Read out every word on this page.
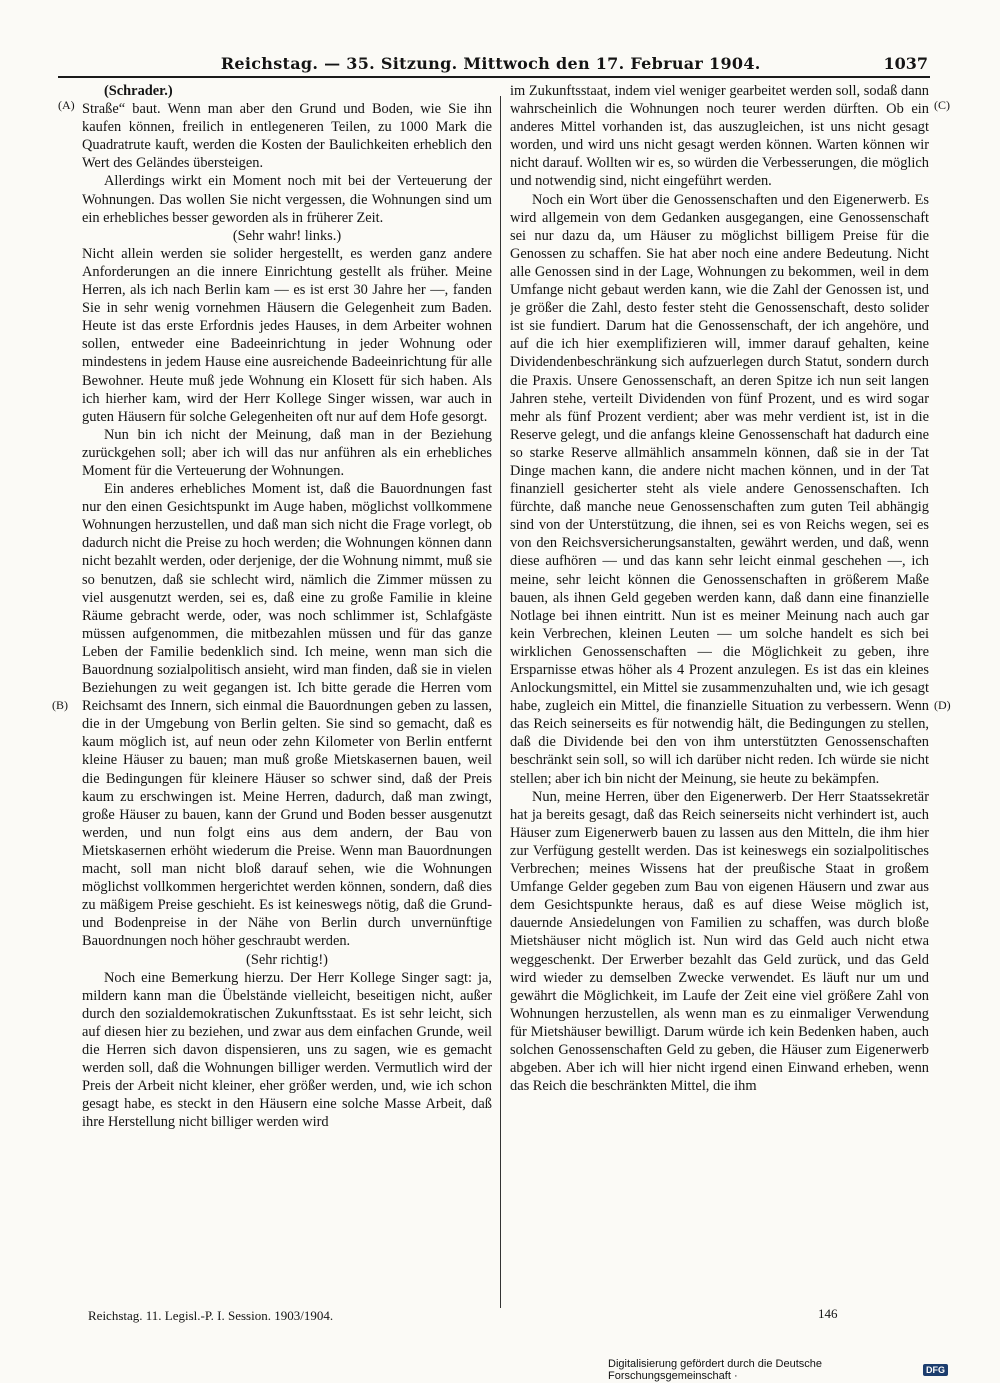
Reichstag. — 35. Sitzung. Mittwoch den 17. Februar 1904.	1037
(A)
(B)
(C)
(D)

(Schrader.)

Straße“ baut. Wenn man aber den Grund und Boden, wie Sie ihn kaufen können, freilich in entlegeneren Teilen, zu 1000 Mark die Quadratrute kauft, werden die Kosten der Baulichkeiten erheblich den Wert des Geländes übersteigen.

Allerdings wirkt ein Moment noch mit bei der Verteuerung der Wohnungen. Das wollen Sie nicht vergessen, die Wohnungen sind um ein erhebliches besser geworden als in früherer Zeit.

(Sehr wahr! links.)

Nicht allein werden sie solider hergestellt, es werden ganz andere Anforderungen an die innere Einrichtung gestellt als früher. Meine Herren, als ich nach Berlin kam — es ist erst 30 Jahre her —, fanden Sie in sehr wenig vornehmen Häusern die Gelegenheit zum Baden. Heute ist das erste Erfordnis jedes Hauses, in dem Arbeiter wohnen sollen, entweder eine Badeeinrichtung in jeder Wohnung oder mindestens in jedem Hause eine ausreichende Badeeinrichtung für alle Bewohner. Heute muß jede Wohnung ein Klosett für sich haben. Als ich hierher kam, wird der Herr Kollege Singer wissen, war auch in guten Häusern für solche Gelegenheiten oft nur auf dem Hofe gesorgt.

Nun bin ich nicht der Meinung, daß man in der Beziehung zurückgehen soll; aber ich will das nur anführen als ein erhebliches Moment für die Verteuerung der Wohnungen.

Ein anderes erhebliches Moment ist, daß die Bauordnungen fast nur den einen Gesichtspunkt im Auge haben, möglichst vollkommene Wohnungen herzustellen, und daß man sich nicht die Frage vorlegt, ob dadurch nicht die Preise zu hoch werden; die Wohnungen können dann nicht bezahlt werden, oder derjenige, der die Wohnung nimmt, muß sie so benutzen, daß sie schlecht wird, nämlich die Zimmer müssen zu viel ausgenutzt werden, sei es, daß eine zu große Familie in kleine Räume gebracht werde, oder, was noch schlimmer ist, Schlafgäste müssen aufgenommen, die mitbezahlen müssen und für das ganze Leben der Familie bedenklich sind. Ich meine, wenn man sich die Bauordnung sozialpolitisch ansieht, wird man finden, daß sie in vielen Beziehungen zu weit gegangen ist. Ich bitte gerade die Herren vom Reichsamt des Innern, sich einmal die Bauordnungen geben zu lassen, die in der Umgebung von Berlin gelten. Sie sind so gemacht, daß es kaum möglich ist, auf neun oder zehn Kilometer von Berlin entfernt kleine Häuser zu bauen; man muß große Mietskasernen bauen, weil die Bedingungen für kleinere Häuser so schwer sind, daß der Preis kaum zu erschwingen ist. Meine Herren, dadurch, daß man zwingt, große Häuser zu bauen, kann der Grund und Boden besser ausgenutzt werden, und nun folgt eins aus dem andern, der Bau von Mietskasernen erhöht wiederum die Preise. Wenn man Bauordnungen macht, soll man nicht bloß darauf sehen, wie die Wohnungen möglichst vollkommen hergerichtet werden können, sondern, daß dies zu mäßigem Preise geschieht. Es ist keineswegs nötig, daß die Grund- und Bodenpreise in der Nähe von Berlin durch unvernünftige Bauordnungen noch höher geschraubt werden.

(Sehr richtig!)

Noch eine Bemerkung hierzu. Der Herr Kollege Singer sagt: ja, mildern kann man die Übelstände vielleicht, beseitigen nicht, außer durch den sozialdemokratischen Zukunftsstaat. Es ist sehr leicht, sich auf diesen hier zu beziehen, und zwar aus dem einfachen Grunde, weil die Herren sich davon dispensieren, uns zu sagen, wie es gemacht werden soll, daß die Wohnungen billiger werden. Vermutlich wird der Preis der Arbeit nicht kleiner, eher größer werden, und, wie ich schon gesagt habe, es steckt in den Häusern eine solche Masse Arbeit, daß ihre Herstellung nicht billiger werden wird

im Zukunftsstaat, indem viel weniger gearbeitet werden soll, sodaß dann wahrscheinlich die Wohnungen noch teurer werden dürften. Ob ein anderes Mittel vorhanden ist, das auszugleichen, ist uns nicht gesagt worden, und wird uns nicht gesagt werden können. Warten können wir nicht darauf. Wollten wir es, so würden die Verbesserungen, die möglich und notwendig sind, nicht eingeführt werden.

Noch ein Wort über die Genossenschaften und den Eigenerwerb. Es wird allgemein von dem Gedanken ausgegangen, eine Genossenschaft sei nur dazu da, um Häuser zu möglichst billigem Preise für die Genossen zu schaffen. Sie hat aber noch eine andere Bedeutung. Nicht alle Genossen sind in der Lage, Wohnungen zu bekommen, weil in dem Umfange nicht gebaut werden kann, wie die Zahl der Genossen ist, und je größer die Zahl, desto fester steht die Genossenschaft, desto solider ist sie fundiert. Darum hat die Genossenschaft, der ich angehöre, und auf die ich hier exemplifizieren will, immer darauf gehalten, keine Dividendenbeschränkung sich aufzuerlegen durch Statut, sondern durch die Praxis. Unsere Genossenschaft, an deren Spitze ich nun seit langen Jahren stehe, verteilt Dividenden von fünf Prozent, und es wird sogar mehr als fünf Prozent verdient; aber was mehr verdient ist, ist in die Reserve gelegt, und die anfangs kleine Genossenschaft hat dadurch eine so starke Reserve allmählich ansammeln können, daß sie in der Tat Dinge machen kann, die andere nicht machen können, und in der Tat finanziell gesicherter steht als viele andere Genossenschaften. Ich fürchte, daß manche neue Genossenschaften zum guten Teil abhängig sind von der Unterstützung, die ihnen, sei es von Reichs wegen, sei es von den Reichsversicherungsanstalten, gewährt werden, und daß, wenn diese aufhören — und das kann sehr leicht einmal geschehen —, ich meine, sehr leicht können die Genossenschaften in größerem Maße bauen, als ihnen Geld gegeben werden kann, daß dann eine finanzielle Notlage bei ihnen eintritt. Nun ist es meiner Meinung nach auch gar kein Verbrechen, kleinen Leuten — um solche handelt es sich bei wirklichen Genossenschaften — die Möglichkeit zu geben, ihre Ersparnisse etwas höher als 4 Prozent anzulegen. Es ist das ein kleines Anlockungsmittel, ein Mittel sie zusammenzuhalten und, wie ich gesagt habe, zugleich ein Mittel, die finanzielle Situation zu verbessern. Wenn das Reich seinerseits es für notwendig hält, die Bedingungen zu stellen, daß die Dividende bei den von ihm unterstützten Genossenschaften beschränkt sein soll, so will ich darüber nicht reden. Ich würde sie nicht stellen; aber ich bin nicht der Meinung, sie heute zu bekämpfen.

Nun, meine Herren, über den Eigenerwerb. Der Herr Staatssekretär hat ja bereits gesagt, daß das Reich seinerseits nicht verhindert ist, auch Häuser zum Eigenerwerb bauen zu lassen aus den Mitteln, die ihm hier zur Verfügung gestellt werden. Das ist keineswegs ein sozialpolitisches Verbrechen; meines Wissens hat der preußische Staat in großem Umfange Gelder gegeben zum Bau von eigenen Häusern und zwar aus dem Gesichtspunkte heraus, daß es auf diese Weise möglich ist, dauernde Ansiedelungen von Familien zu schaffen, was durch bloße Mietshäuser nicht möglich ist. Nun wird das Geld auch nicht etwa weggeschenkt. Der Erwerber bezahlt das Geld zurück, und das Geld wird wieder zu demselben Zwecke verwendet. Es läuft nur um und gewährt die Möglichkeit, im Laufe der Zeit eine viel größere Zahl von Wohnungen herzustellen, als wenn man es zu einmaliger Verwendung für Mietshäuser bewilligt. Darum würde ich kein Bedenken haben, auch solchen Genossenschaften Geld zu geben, die Häuser zum Eigenerwerb abgeben. Aber ich will hier nicht irgend einen Einwand erheben, wenn das Reich die beschränkten Mittel, die ihm

Reichstag. 11. Legisl.-P. I. Session. 1903/1904.	146
Digitalisierung gefördert durch die Deutsche Forschungsgemeinschaft ·	DFG
